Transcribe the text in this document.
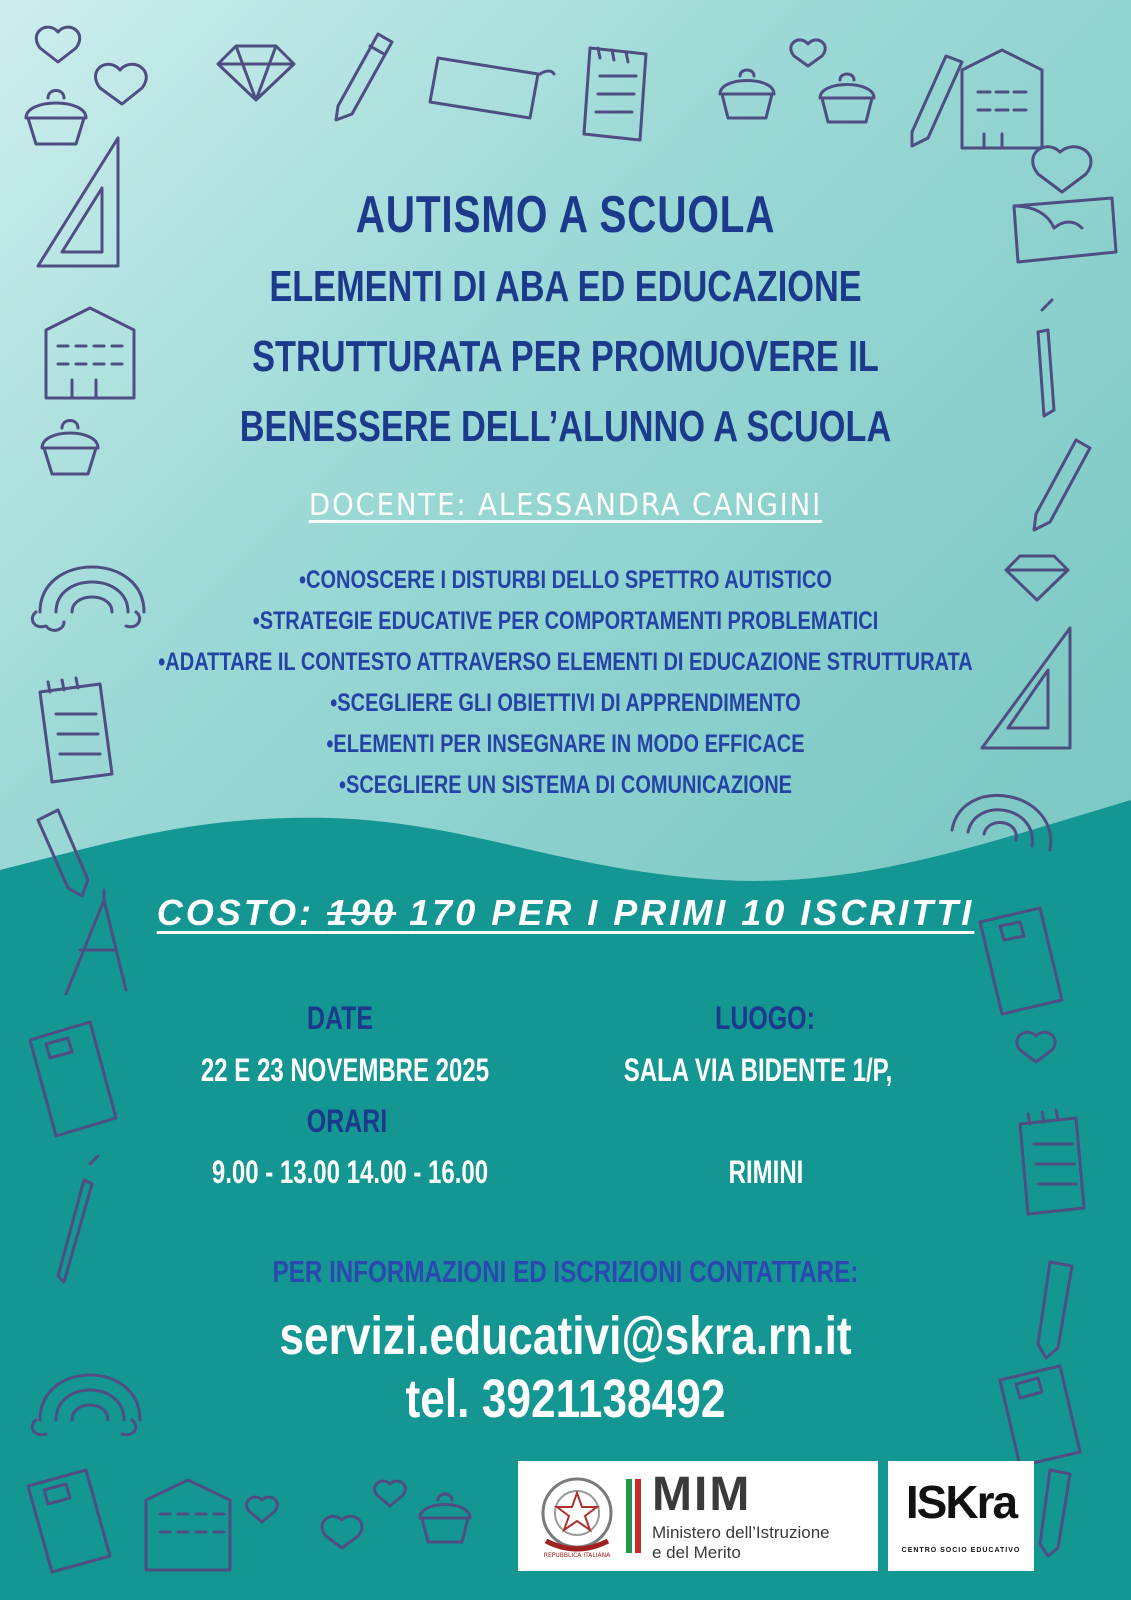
AUTISMO A SCUOLA
ELEMENTI DI ABA ED EDUCAZIONE
STRUTTURATA PER PROMUOVERE IL
BENESSERE DELL’ALUNNO A SCUOLA
DOCENTE: ALESSANDRA CANGINI
•CONOSCERE I DISTURBI DELLO SPETTRO AUTISTICO
•STRATEGIE EDUCATIVE PER COMPORTAMENTI PROBLEMATICI
•ADATTARE IL CONTESTO ATTRAVERSO ELEMENTI DI EDUCAZIONE STRUTTURATA
•SCEGLIERE GLI OBIETTIVI DI APPRENDIMENTO
•ELEMENTI PER INSEGNARE IN MODO EFFICACE
•SCEGLIERE UN SISTEMA DI COMUNICAZIONE
COSTO: 190 170 PER I PRIMI 10 ISCRITTI
DATE
22 E 23 NOVEMBRE 2025
ORARI
9.00 - 13.00 14.00 - 16.00
LUOGO:
SALA VIA BIDENTE 1/P,
RIMINI
PER INFORMAZIONI ED ISCRIZIONI CONTATTARE:
servizi.educativi@skra.rn.it
tel. 3921138492
REPUBBLICA ITALIANA
MIM
Ministero dell’Istruzione
e del Merito
ISKra
CENTRO SOCIO EDUCATIVO
